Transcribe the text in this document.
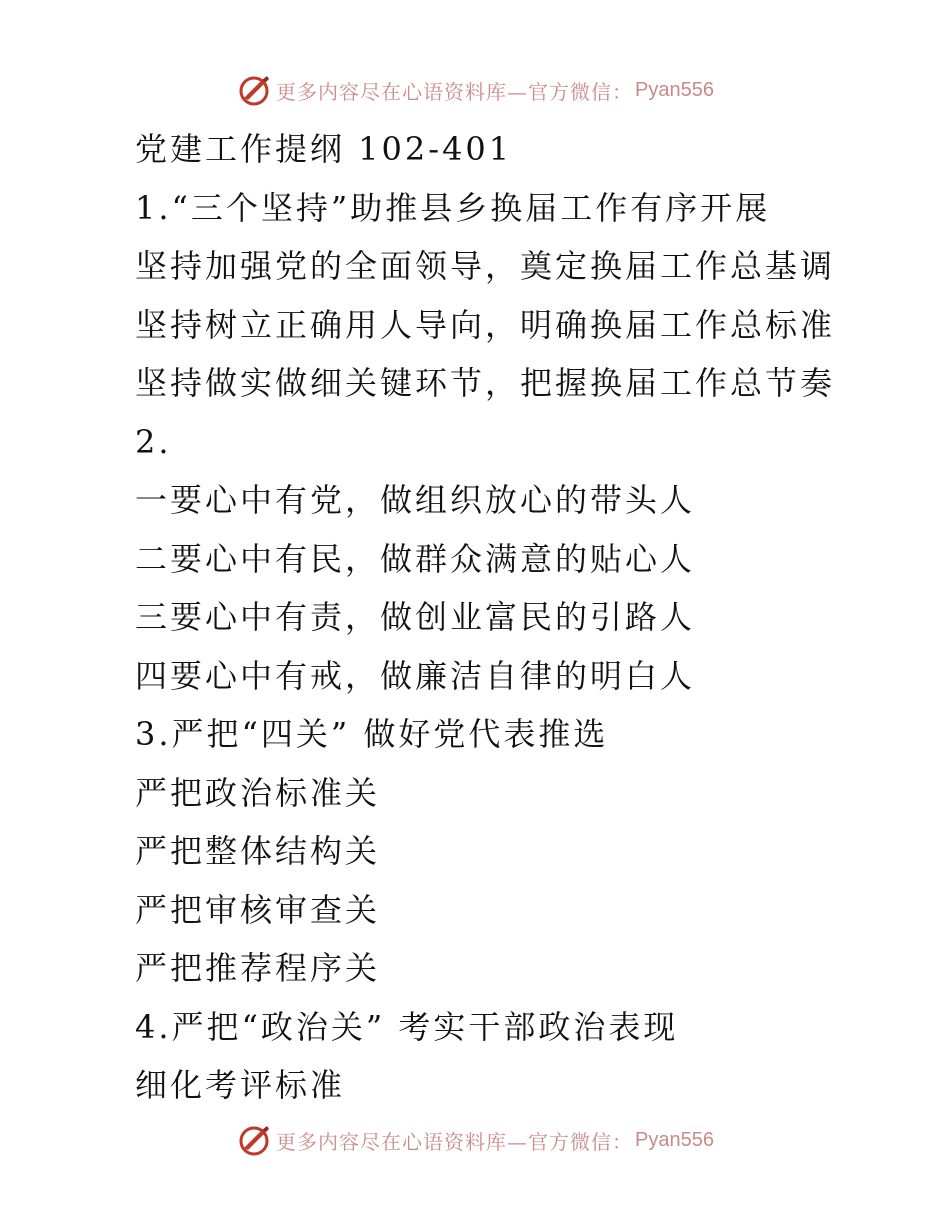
更多内容尽在心语资料库—官方微信： Pyan556
党建工作提纲 102-401
1.“三个坚持”助推县乡换届工作有序开展
坚持加强党的全面领导，奠定换届工作总基调
坚持树立正确用人导向，明确换届工作总标准
坚持做实做细关键环节，把握换届工作总节奏
2.
一要心中有党，做组织放心的带头人
二要心中有民，做群众满意的贴心人
三要心中有责，做创业富民的引路人
四要心中有戒，做廉洁自律的明白人
3.严把“四关” 做好党代表推选
严把政治标准关
严把整体结构关
严把审核审查关
严把推荐程序关
4.严把“政治关” 考实干部政治表现
细化考评标准
更多内容尽在心语资料库—官方微信： Pyan556
